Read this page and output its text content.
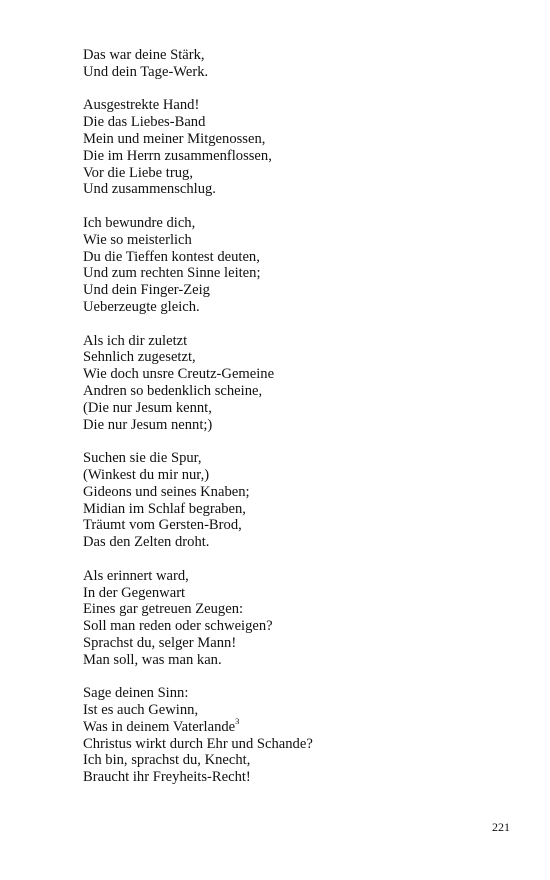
Das war deine Stärk,
Und dein Tage-Werk.
Ausgestrekte Hand!
Die das Liebes-Band
Mein und meiner Mitgenossen,
Die im Herrn zusammenflossen,
Vor die Liebe trug,
Und zusammenschlug.
Ich bewundre dich,
Wie so meisterlich
Du die Tieffen kontest deuten,
Und zum rechten Sinne leiten;
Und dein Finger-Zeig
Ueberzeugte gleich.
Als ich dir zuletzt
Sehnlich zugesetzt,
Wie doch unsre Creutz-Gemeine
Andren so bedenklich scheine,
(Die nur Jesum kennt,
Die nur Jesum nennt;)
Suchen sie die Spur,
(Winkest du mir nur,)
Gideons und seines Knaben;
Midian im Schlaf begraben,
Träumt vom Gersten-Brod,
Das den Zelten droht.
Als erinnert ward,
In der Gegenwart
Eines gar getreuen Zeugen:
Soll man reden oder schweigen?
Sprachst du, selger Mann!
Man soll, was man kan.
Sage deinen Sinn:
Ist es auch Gewinn,
Was in deinem Vaterlande$^3$
Christus wirkt durch Ehr und Schande?
Ich bin, sprachst du, Knecht,
Braucht ihr Freyheits-Recht!
221
